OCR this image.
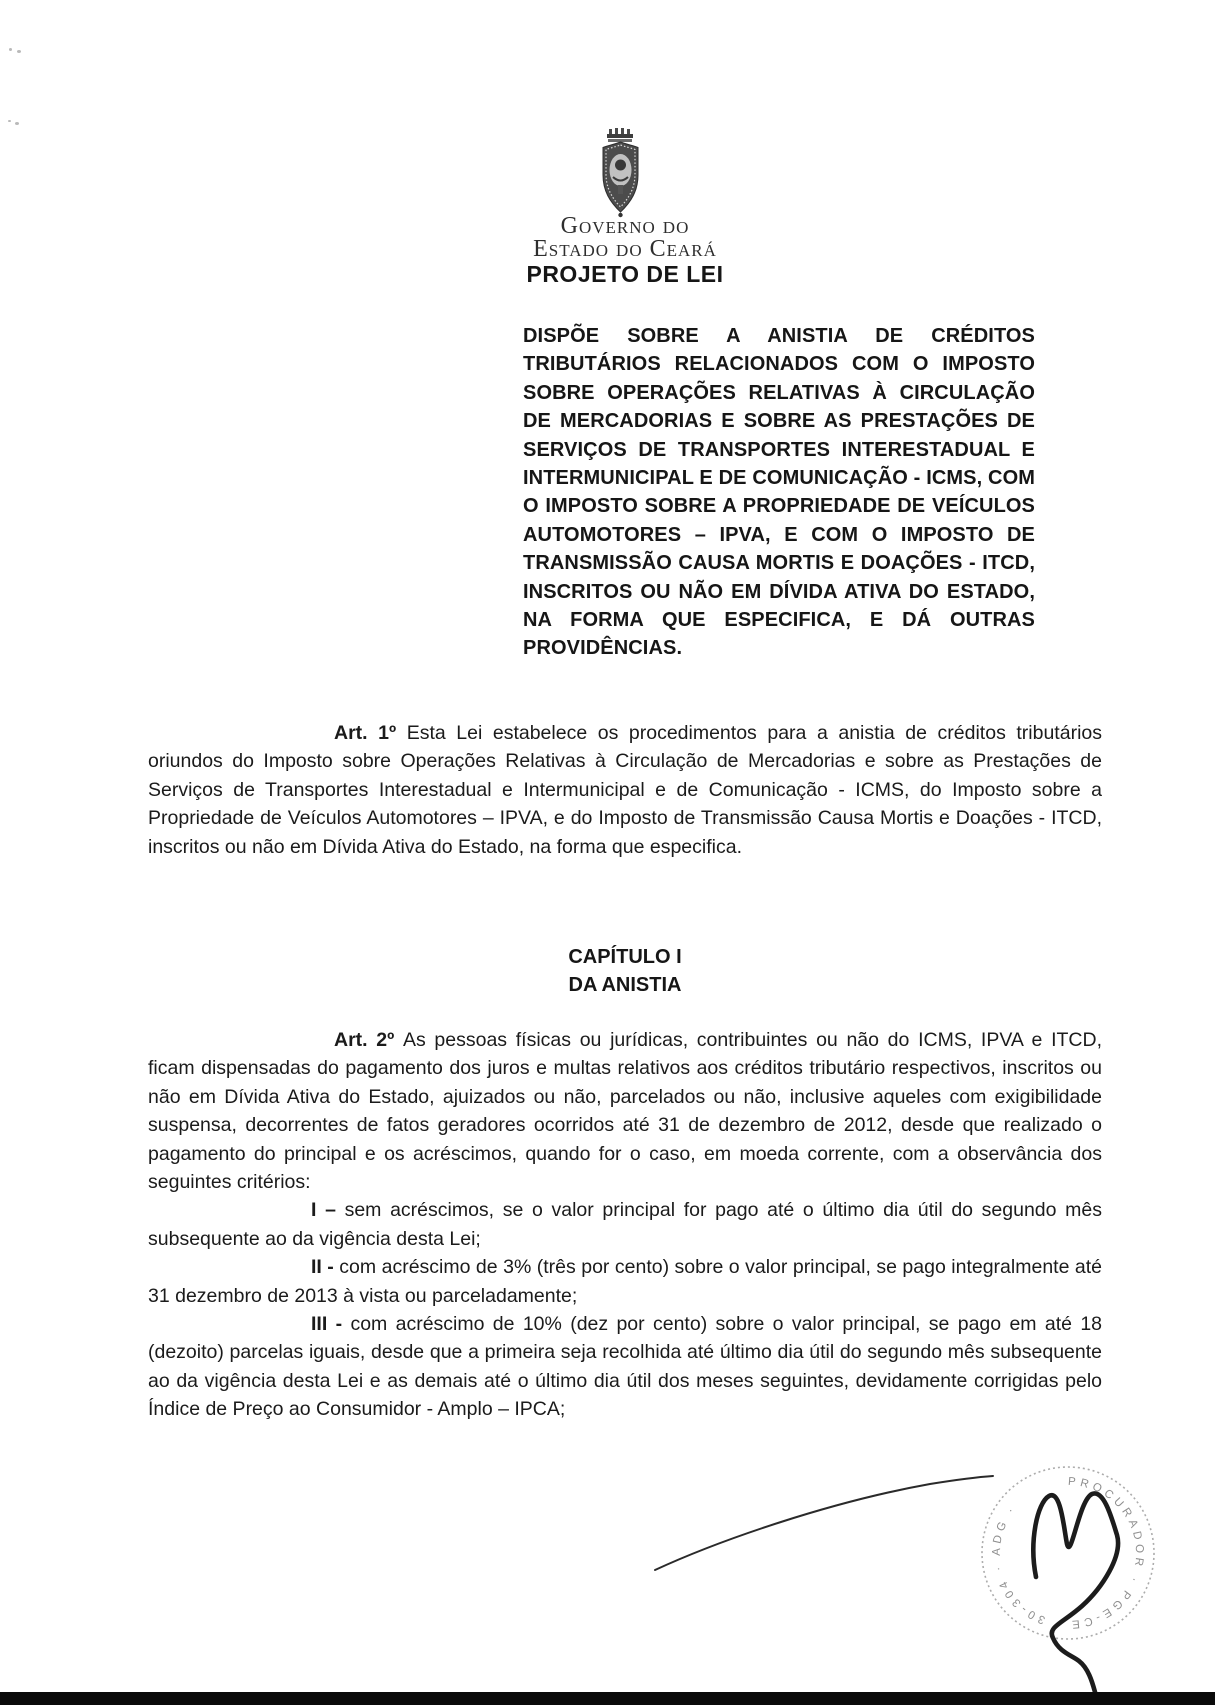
Governo do
Estado do Ceará
PROJETO DE LEI
DISPÕE SOBRE A ANISTIA DE CRÉDITOS TRIBUTÁRIOS RELACIONADOS COM O IMPOSTO SOBRE OPERAÇÕES RELATIVAS À CIRCULAÇÃO DE MERCADORIAS E SOBRE AS PRESTAÇÕES DE SERVIÇOS DE TRANSPORTES INTERESTADUAL E INTERMUNICIPAL E DE COMUNICAÇÃO - ICMS, COM O IMPOSTO SOBRE A PROPRIEDADE DE VEÍCULOS AUTOMOTORES – IPVA, E COM O IMPOSTO DE TRANSMISSÃO CAUSA MORTIS E DOAÇÕES - ITCD, INSCRITOS OU NÃO EM DÍVIDA ATIVA DO ESTADO, NA FORMA QUE ESPECIFICA, E DÁ OUTRAS PROVIDÊNCIAS.

Art. 1º Esta Lei estabelece os procedimentos para a anistia de créditos tributários oriundos do Imposto sobre Operações Relativas à Circulação de Mercadorias e sobre as Prestações de Serviços de Transportes Interestadual e Intermunicipal e de Comunicação - ICMS, do Imposto sobre a Propriedade de Veículos Automotores – IPVA, e do Imposto de Transmissão Causa Mortis e Doações - ITCD, inscritos ou não em Dívida Ativa do Estado, na forma que especifica.

CAPÍTULO I
DA ANISTIA

Art. 2º As pessoas físicas ou jurídicas, contribuintes ou não do ICMS, IPVA e ITCD, ficam dispensadas do pagamento dos juros e multas relativos aos créditos tributário respectivos, inscritos ou não em Dívida Ativa do Estado, ajuizados ou não, parcelados ou não, inclusive aqueles com exigibilidade suspensa, decorrentes de fatos geradores ocorridos até 31 de dezembro de 2012, desde que realizado o pagamento do principal e os acréscimos, quando for o caso, em moeda corrente, com a observância dos seguintes critérios:

I – sem acréscimos, se o valor principal for pago até o último dia útil do segundo mês subsequente ao da vigência desta Lei;

II - com acréscimo de 3% (três por cento) sobre o valor principal, se pago integralmente até 31 dezembro de 2013 à vista ou parceladamente;

III - com acréscimo de 10% (dez por cento) sobre o valor principal, se pago em até 18 (dezoito) parcelas iguais, desde que a primeira seja recolhida até último dia útil do segundo mês subsequente ao da vigência desta Lei e as demais até o último dia útil dos meses seguintes, devidamente corrigidas pelo Índice de Preço ao Consumidor - Amplo – IPCA;

PROCURADOR · PGE-CE · 30-304 · ADG ·
